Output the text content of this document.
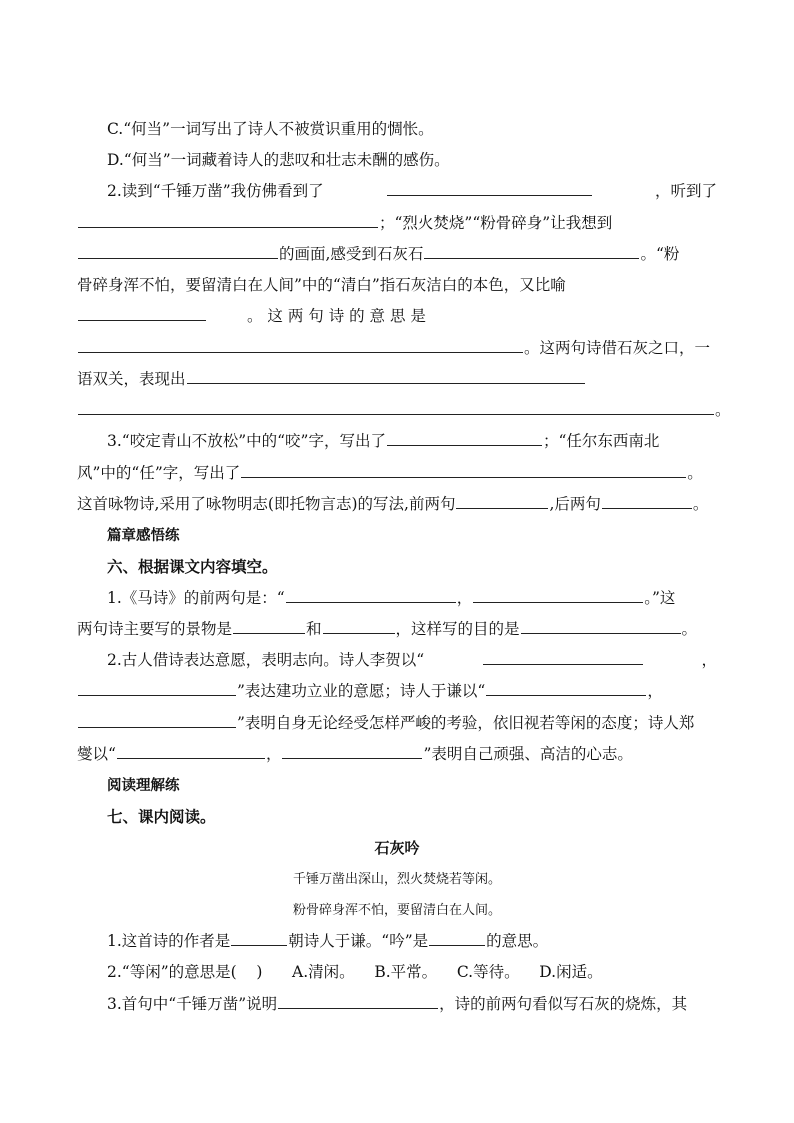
C.“何当”一词写出了诗人不被赏识重用的惆怅。
D.“何当”一词藏着诗人的悲叹和壮志未酬的感伤。
2.读到“千锤万凿”我仿佛看到了	，听到了
；“烈火焚烧”“粉骨碎身”让我想到
的画面,感受到石灰石	。“粉
骨碎身浑不怕，要留清白在人间”中的“清白”指石灰洁白的本色，又比喻
。 这 两 句 诗 的 意 思 是
。这两句诗借石灰之口，一
语双关，表现出
。
3.“咬定青山不放松”中的“咬”字，写出了	；“任尔东西南北
风”中的“任”字，写出了	。
这首咏物诗,采用了咏物明志(即托物言志)的写法,前两句	,后两句	。
篇章感悟练
六、根据课文内容填空。
1.《马诗》的前两句是：“	，	。”这
两句诗主要写的景物是	和	，这样写的目的是	。
2.古人借诗表达意愿，表明志向。诗人李贺以“	，
”表达建功立业的意愿；诗人于谦以“	，
”表明自身无论经受怎样严峻的考验，依旧视若等闲的态度；诗人郑
燮以“	，	”表明自己顽强、高洁的心志。
阅读理解练
七、课内阅读。
石灰吟
千锤万凿出深山，烈火焚烧若等闲。
粉骨碎身浑不怕，要留清白在人间。
1.这首诗的作者是	朝诗人于谦。“吟”是	的意思。
2.“等闲”的意思是(    )      A.清闲。    B.平常。    C.等待。    D.闲适。
3.首句中“千锤万凿”说明	，诗的前两句看似写石灰的烧炼，其
